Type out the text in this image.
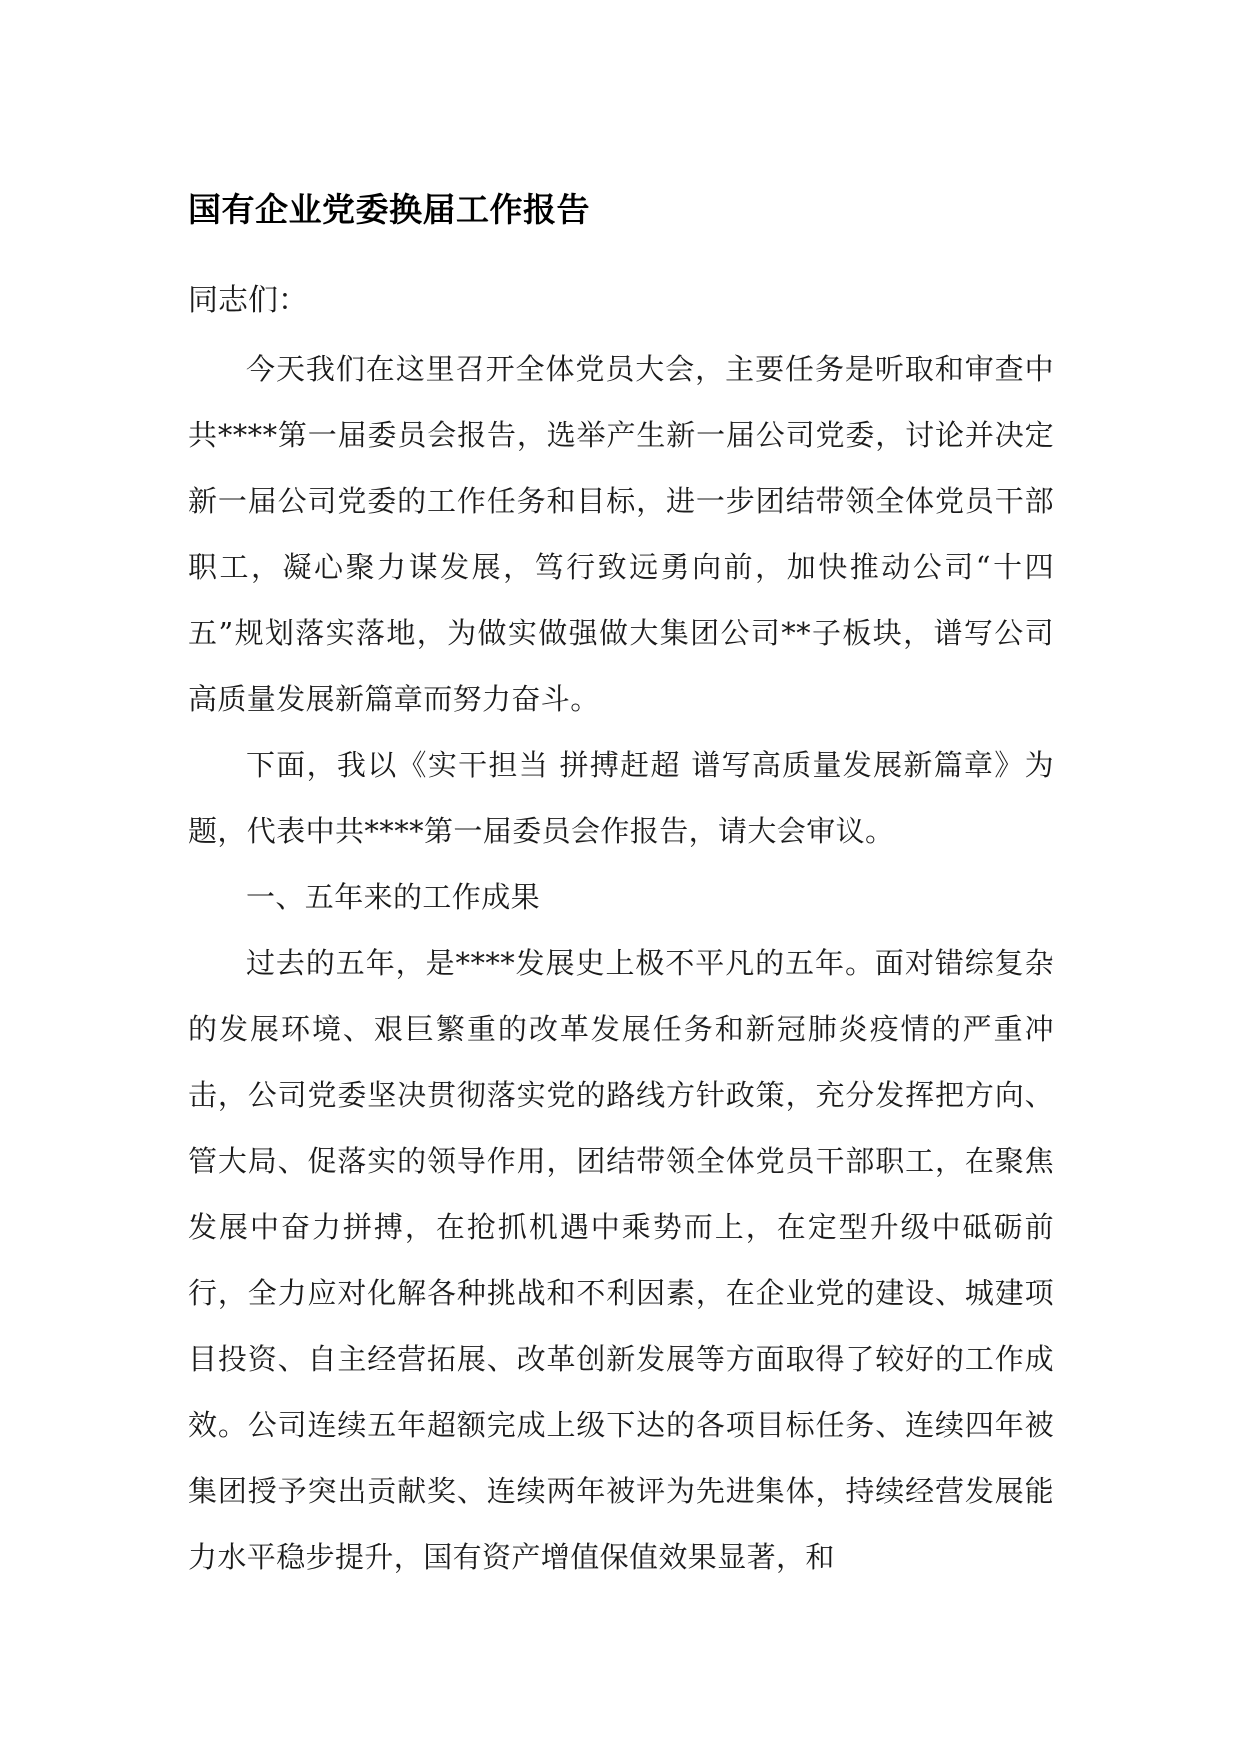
国有企业党委换届工作报告

同志们：

今天我们在这里召开全体党员大会，主要任务是听取和审查中共****第一届委员会报告，选举产生新一届公司党委，讨论并决定新一届公司党委的工作任务和目标，进一步团结带领全体党员干部职工，凝心聚力谋发展，笃行致远勇向前，加快推动公司“十四五”规划落实落地，为做实做强做大集团公司**子板块，谱写公司高质量发展新篇章而努力奋斗。

下面，我以《实干担当 拼搏赶超 谱写高质量发展新篇章》为题，代表中共****第一届委员会作报告，请大会审议。

一、五年来的工作成果

过去的五年，是****发展史上极不平凡的五年。面对错综复杂的发展环境、艰巨繁重的改革发展任务和新冠肺炎疫情的严重冲击，公司党委坚决贯彻落实党的路线方针政策，充分发挥把方向、管大局、促落实的领导作用，团结带领全体党员干部职工，在聚焦发展中奋力拼搏，在抢抓机遇中乘势而上，在定型升级中砥砺前行，全力应对化解各种挑战和不利因素，在企业党的建设、城建项目投资、自主经营拓展、改革创新发展等方面取得了较好的工作成效。公司连续五年超额完成上级下达的各项目标任务、连续四年被集团授予突出贡献奖、连续两年被评为先进集体，持续经营发展能力水平稳步提升，国有资产增值保值效果显著，和
